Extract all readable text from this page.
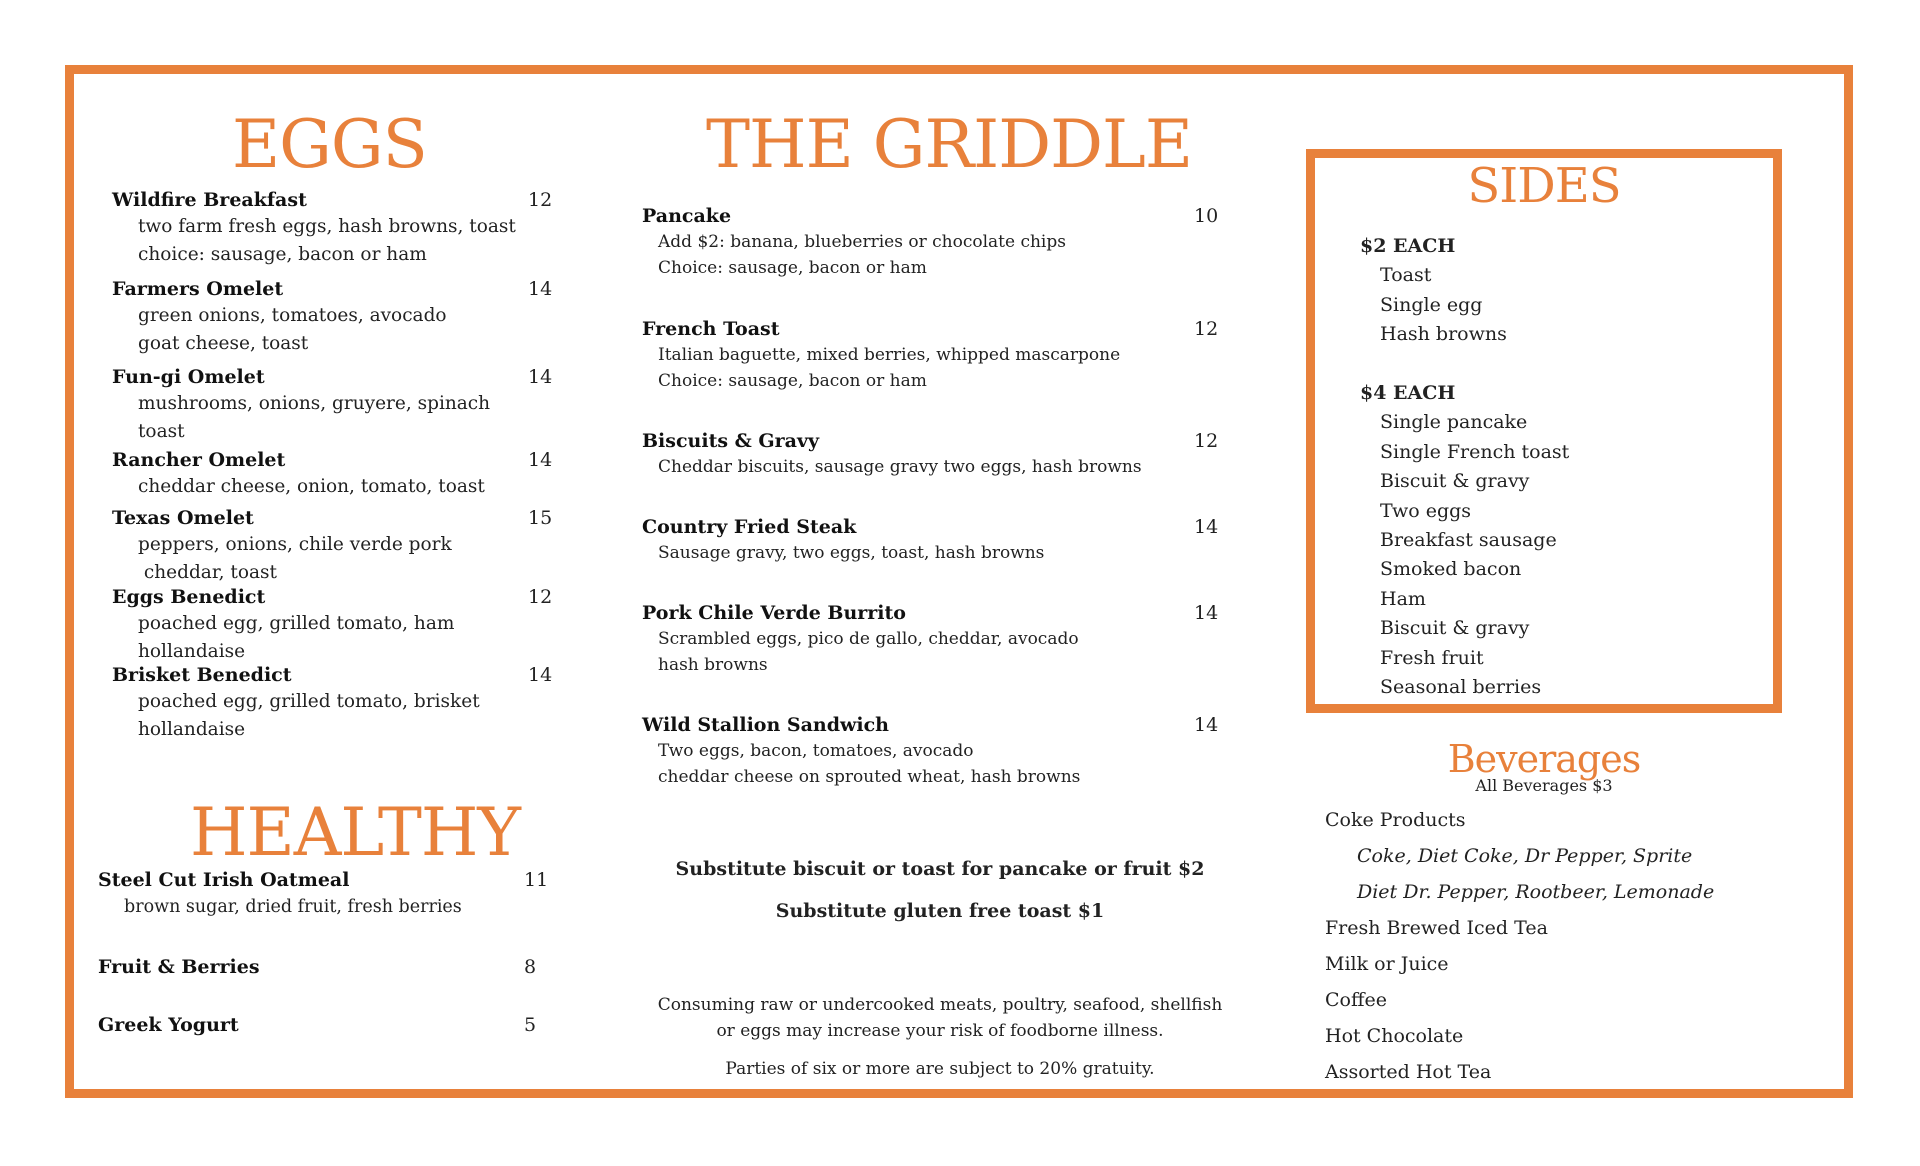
EGGS
Wildfire Breakfast	12
two farm fresh eggs, hash browns, toast
choice: sausage, bacon or ham
Farmers Omelet	14
green onions, tomatoes, avocado
goat cheese, toast
Fun-gi Omelet	14
mushrooms, onions, gruyere, spinach
toast
Rancher Omelet	14
cheddar cheese, onion, tomato, toast
Texas Omelet	15
peppers, onions, chile verde pork
cheddar, toast
Eggs Benedict	12
poached egg, grilled tomato, ham
hollandaise
Brisket Benedict	14
poached egg, grilled tomato, brisket
hollandaise
HEALTHY
Steel Cut Irish Oatmeal	11
brown sugar, dried fruit, fresh berries
Fruit & Berries	8
Greek Yogurt	5
THE GRIDDLE
Pancake	10
Add $2: banana, blueberries or chocolate chips
Choice: sausage, bacon or ham
French Toast	12
Italian baguette, mixed berries, whipped mascarpone
Choice: sausage, bacon or ham
Biscuits & Gravy	12
Cheddar biscuits, sausage gravy two eggs, hash browns
Country Fried Steak	14
Sausage gravy, two eggs, toast, hash browns
Pork Chile Verde Burrito	14
Scrambled eggs, pico de gallo, cheddar, avocado
hash browns
Wild Stallion Sandwich	14
Two eggs, bacon, tomatoes, avocado
cheddar cheese on sprouted wheat, hash browns
Substitute biscuit or toast for pancake or fruit $2
Substitute gluten free toast $1
Consuming raw or undercooked meats, poultry, seafood, shellfish
or eggs may increase your risk of foodborne illness.
Parties of six or more are subject to 20% gratuity.
SIDES
$2 EACH
Toast
Single egg
Hash browns
$4 EACH
Single pancake
Single French toast
Biscuit & gravy
Two eggs
Breakfast sausage
Smoked bacon
Ham
Biscuit & gravy
Fresh fruit
Seasonal berries
Beverages
All Beverages $3
Coke Products
Coke, Diet Coke, Dr Pepper, Sprite
Diet Dr. Pepper, Rootbeer, Lemonade
Fresh Brewed Iced Tea
Milk or Juice
Coffee
Hot Chocolate
Assorted Hot Tea
